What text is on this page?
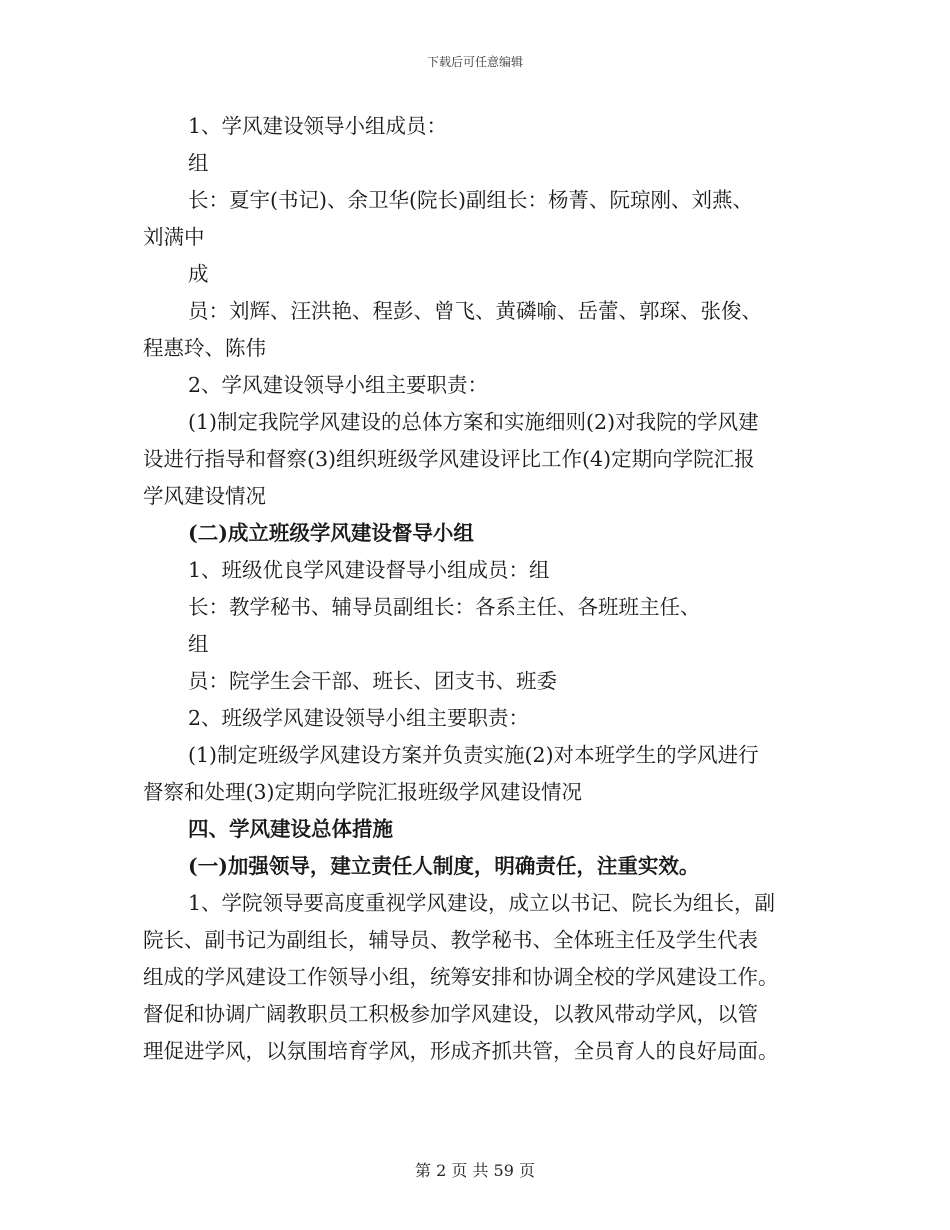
下载后可任意编辑
1、学风建设领导小组成员：
组
长：夏宇(书记)、余卫华(院长)副组长：杨菁、阮琼刚、刘燕、
刘满中
成
员：刘辉、汪洪艳、程彭、曾飞、黄磷喻、岳蕾、郭琛、张俊、
程惠玲、陈伟
2、学风建设领导小组主要职责：
(1)制定我院学风建设的总体方案和实施细则(2)对我院的学风建
设进行指导和督察(3)组织班级学风建设评比工作(4)定期向学院汇报
学风建设情况
(二)成立班级学风建设督导小组
1、班级优良学风建设督导小组成员：组
长：教学秘书、辅导员副组长：各系主任、各班班主任、
组
员：院学生会干部、班长、团支书、班委
2、班级学风建设领导小组主要职责：
(1)制定班级学风建设方案并负责实施(2)对本班学生的学风进行
督察和处理(3)定期向学院汇报班级学风建设情况
四、学风建设总体措施
(一)加强领导，建立责任人制度，明确责任，注重实效。
1、学院领导要高度重视学风建设，成立以书记、院长为组长，副
院长、副书记为副组长，辅导员、教学秘书、全体班主任及学生代表
组成的学风建设工作领导小组，统筹安排和协调全校的学风建设工作。
督促和协调广阔教职员工积极参加学风建设，以教风带动学风，以管
理促进学风，以氛围培育学风，形成齐抓共管，全员育人的良好局面。
第 2 页 共 59 页
